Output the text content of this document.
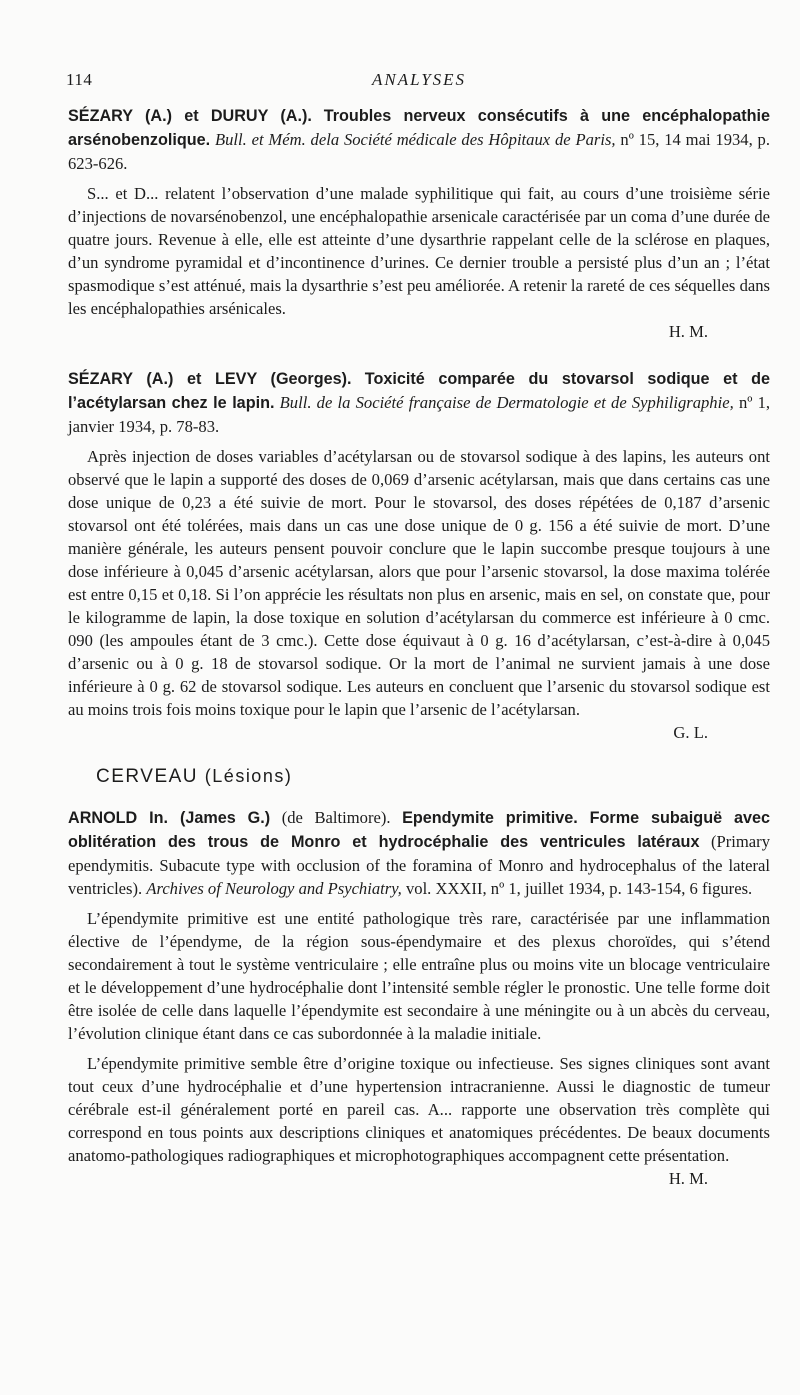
114	ANALYSES
SÉZARY (A.) et DURUY (A.). Troubles nerveux consécutifs à une encéphalopathie arsénobenzolique. Bull. et Mém. dela Société médicale des Hôpitaux de Paris, nº 15, 14 mai 1934, p. 623-626.

S... et D... relatent l’observation d’une malade syphilitique qui fait, au cours d’une troisième série d’injections de novarsénobenzol, une encéphalopathie arsenicale caractérisée par un coma d’une durée de quatre jours. Revenue à elle, elle est atteinte d’une dysarthrie rappelant celle de la sclérose en plaques, d’un syndrome pyramidal et d’incontinence d’urines. Ce dernier trouble a persisté plus d’un an ; l’état spasmodique s’est atténué, mais la dysarthrie s’est peu améliorée. A retenir la rareté de ces séquelles dans les encéphalopathies arsénicales.

H. M.
SÉZARY (A.) et LEVY (Georges). Toxicité comparée du stovarsol sodique et de l’acétylarsan chez le lapin. Bull. de la Société française de Dermatologie et de Syphiligraphie, nº 1, janvier 1934, p. 78-83.

Après injection de doses variables d’acétylarsan ou de stovarsol sodique à des lapins, les auteurs ont observé que le lapin a supporté des doses de 0,069 d’arsenic acétylarsan, mais que dans certains cas une dose unique de 0,23 a été suivie de mort. Pour le stovarsol, des doses répétées de 0,187 d’arsenic stovarsol ont été tolérées, mais dans un cas une dose unique de 0 g. 156 a été suivie de mort. D’une manière générale, les auteurs pensent pouvoir conclure que le lapin succombe presque toujours à une dose inférieure à 0,045 d’arsenic acétylarsan, alors que pour l’arsenic stovarsol, la dose maxima tolérée est entre 0,15 et 0,18. Si l’on apprécie les résultats non plus en arsenic, mais en sel, on constate que, pour le kilogramme de lapin, la dose toxique en solution d’acétylarsan du commerce est inférieure à 0 cmc. 090 (les ampoules étant de 3 cmc.). Cette dose équivaut à 0 g. 16 d’acétylarsan, c’est-à-dire à 0,045 d’arsenic ou à 0 g. 18 de stovarsol sodique. Or la mort de l’animal ne survient jamais à une dose inférieure à 0 g. 62 de stovarsol sodique. Les auteurs en concluent que l’arsenic du stovarsol sodique est au moins trois fois moins toxique pour le lapin que l’arsenic de l’acétylarsan.

G. L.
CERVEAU (Lésions)
ARNOLD In. (James G.) (de Baltimore). Ependymite primitive. Forme subaiguë avec oblitération des trous de Monro et hydrocéphalie des ventricules latéraux (Primary ependymitis. Subacute type with occlusion of the foramina of Monro and hydrocephalus of the lateral ventricles). Archives of Neurology and Psychiatry, vol. XXXII, nº 1, juillet 1934, p. 143-154, 6 figures.

L’épendymite primitive est une entité pathologique très rare, caractérisée par une inflammation élective de l’épendyme, de la région sous-épendymaire et des plexus choroïdes, qui s’étend secondairement à tout le système ventriculaire ; elle entraîne plus ou moins vite un blocage ventriculaire et le développement d’une hydrocéphalie dont l’intensité semble régler le pronostic. Une telle forme doit être isolée de celle dans laquelle l’épendymite est secondaire à une méningite ou à un abcès du cerveau, l’évolution clinique étant dans ce cas subordonnée à la maladie initiale.

L’épendymite primitive semble être d’origine toxique ou infectieuse. Ses signes cliniques sont avant tout ceux d’une hydrocéphalie et d’une hypertension intracranienne. Aussi le diagnostic de tumeur cérébrale est-il généralement porté en pareil cas. A... rapporte une observation très complète qui correspond en tous points aux descriptions cliniques et anatomiques précédentes. De beaux documents anatomo-pathologiques radiographiques et microphotographiques accompagnent cette présentation.

H. M.
